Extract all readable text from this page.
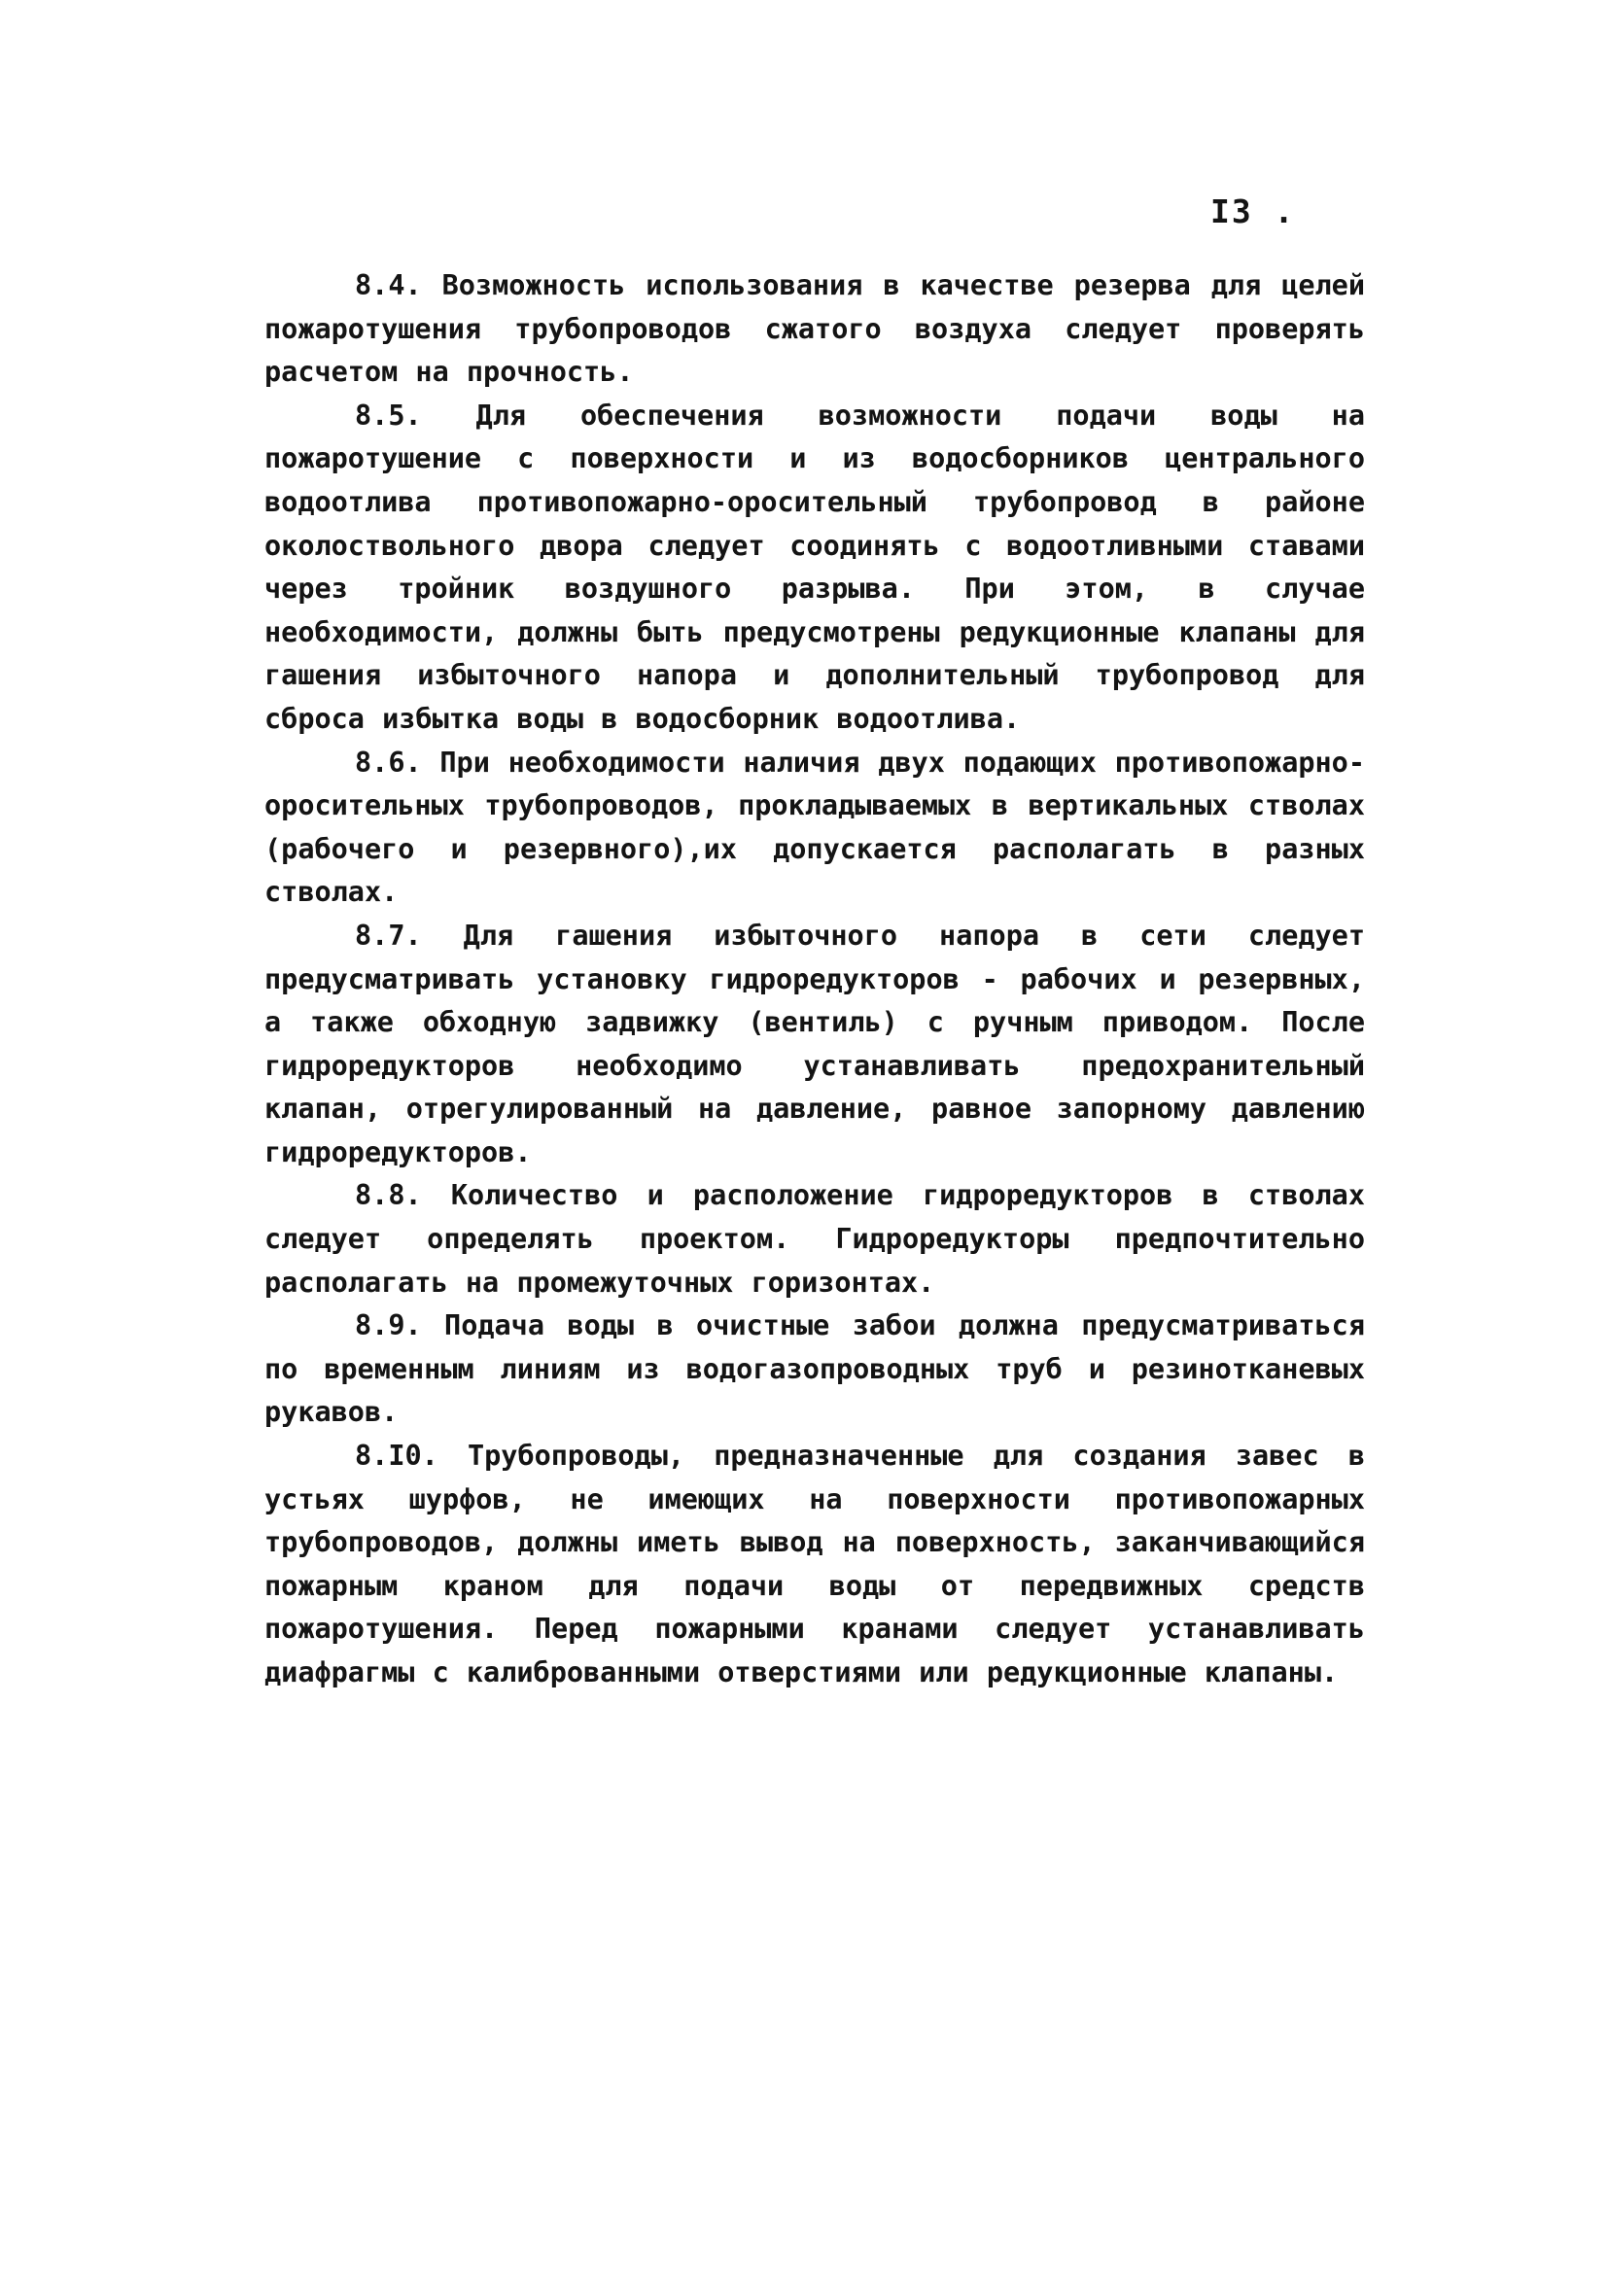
I3 .

8.4. Возможность использования в качестве резерва для целей пожаротушения трубопроводов сжатого воздуха следует проверять расчетом на прочность.

8.5. Для обеспечения возможности подачи воды на пожаротушение с поверхности и из водосборников центрального водоотлива противопожарно-оросительный трубопровод в районе околоствольного двора следует соодинять с водоотливными ставами через тройник воздушного разрыва. При этом, в случае необходимости, должны быть предусмотрены редукционные клапаны для гашения избыточного напора и дополнительный трубопровод для сброса избытка воды в водосборник водоотлива.

8.6. При необходимости наличия двух подающих противопожарно-оросительных трубопроводов, прокладываемых в вертикальных стволах (рабочего и резервного),их допускается располагать в разных стволах.

8.7. Для гашения избыточного напора в сети следует предусматривать установку гидроредукторов - рабочих и резервных, а также обходную задвижку (вентиль) с ручным приводом. После гидроредукторов необходимо устанавливать предохранительный клапан, отрегулированный на давление, равное запорному давлению гидроредукторов.

8.8. Количество и расположение гидроредукторов в стволах следует определять проектом. Гидроредукторы предпочтительно располагать на промежуточных горизонтах.

8.9. Подача воды в очистные забои должна предусматриваться по временным линиям из водогазопроводных труб и резинотканевых рукавов.

8.I0. Трубопроводы, предназначенные для создания завес в устьях шурфов, не имеющих на поверхности противопожарных трубопроводов, должны иметь вывод на поверхность, заканчивающийся пожарным краном для подачи воды от передвижных средств пожаротушения. Перед пожарными кранами следует устанавливать диафрагмы с калиброванными отверстиями или редукционные клапаны.
